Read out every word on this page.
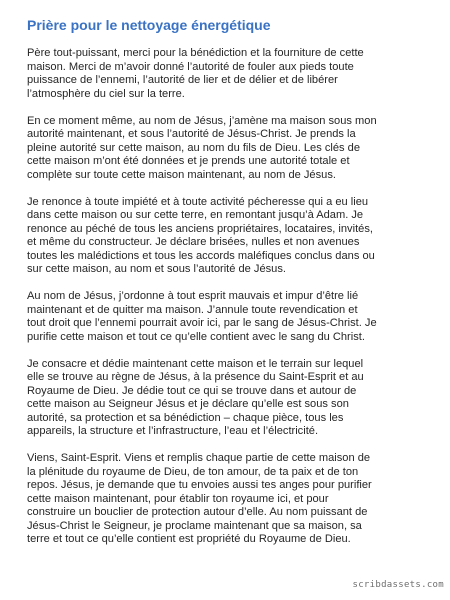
Prière pour le nettoyage énergétique

Père tout-puissant, merci pour la bénédiction et la fourniture de cette
maison. Merci de m’avoir donné l’autorité de fouler aux pieds toute
puissance de l’ennemi, l’autorité de lier et de délier et de libérer
l’atmosphère du ciel sur la terre.

En ce moment même, au nom de Jésus, j’amène ma maison sous mon
autorité maintenant, et sous l’autorité de Jésus-Christ. Je prends la
pleine autorité sur cette maison, au nom du fils de Dieu. Les clés de
cette maison m’ont été données et je prends une autorité totale et
complète sur toute cette maison maintenant, au nom de Jésus.

Je renonce à toute impiété et à toute activité pécheresse qui a eu lieu
dans cette maison ou sur cette terre, en remontant jusqu’à Adam. Je
renonce au péché de tous les anciens propriétaires, locataires, invités,
et même du constructeur. Je déclare brisées, nulles et non avenues
toutes les malédictions et tous les accords maléfiques conclus dans ou
sur cette maison, au nom et sous l’autorité de Jésus.

Au nom de Jésus, j’ordonne à tout esprit mauvais et impur d’être lié
maintenant et de quitter ma maison. J’annule toute revendication et
tout droit que l’ennemi pourrait avoir ici, par le sang de Jésus-Christ. Je
purifie cette maison et tout ce qu’elle contient avec le sang du Christ.

Je consacre et dédie maintenant cette maison et le terrain sur lequel
elle se trouve au règne de Jésus, à la présence du Saint-Esprit et au
Royaume de Dieu. Je dédie tout ce qui se trouve dans et autour de
cette maison au Seigneur Jésus et je déclare qu’elle est sous son
autorité, sa protection et sa bénédiction – chaque pièce, tous les
appareils, la structure et l’infrastructure, l’eau et l’électricité.

Viens, Saint-Esprit. Viens et remplis chaque partie de cette maison de
la plénitude du royaume de Dieu, de ton amour, de ta paix et de ton
repos. Jésus, je demande que tu envoies aussi tes anges pour purifier
cette maison maintenant, pour établir ton royaume ici, et pour
construire un bouclier de protection autour d’elle. Au nom puissant de
Jésus-Christ le Seigneur, je proclame maintenant que sa maison, sa
terre et tout ce qu’elle contient est propriété du Royaume de Dieu.

scribdassets.com
